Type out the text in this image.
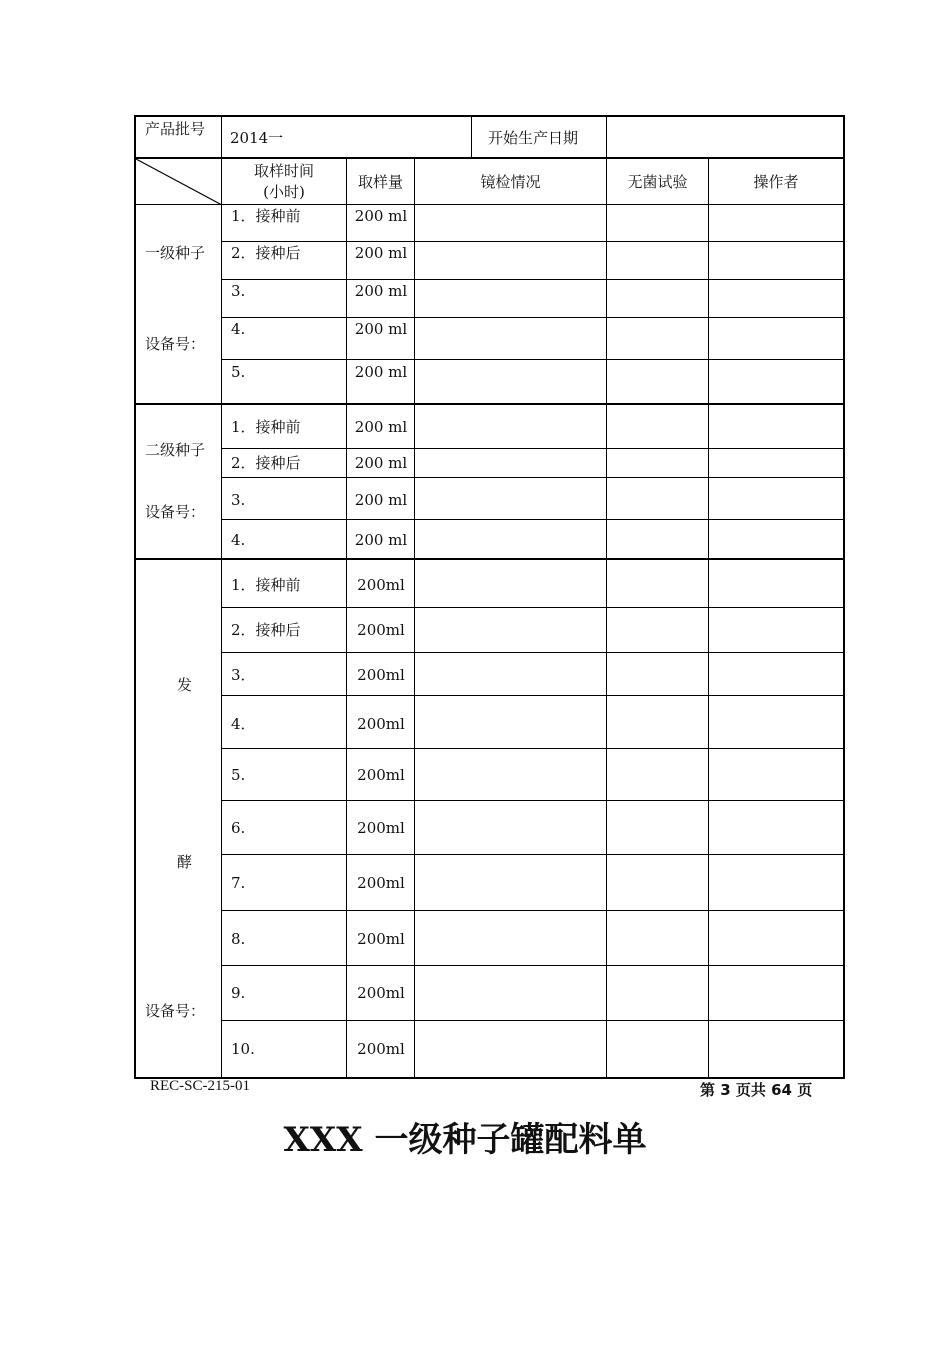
产品批号 2014一	开始生产日期
取样时间
(小时)
取样量	镜检情况	无菌试验	操作者
一级种子
设备号：
1．接种前	200 ml
2．接种后	200 ml
3.	200 ml
4.	200 ml
5.	200 ml
二级种子
设备号：
1．接种前	200 ml
2．接种后	200 ml
3.	200 ml
4.	200 ml
发
酵
设备号：
1．接种前	200ml
2．接种后	200ml
3．	200ml
4．	200ml
5.	200ml
6.	200ml
7.	200ml
8.	200ml
9.	200ml
10.	200ml
REC-SC-215-01	第 3 页共 64 页
XXX 一级种子罐配料单
